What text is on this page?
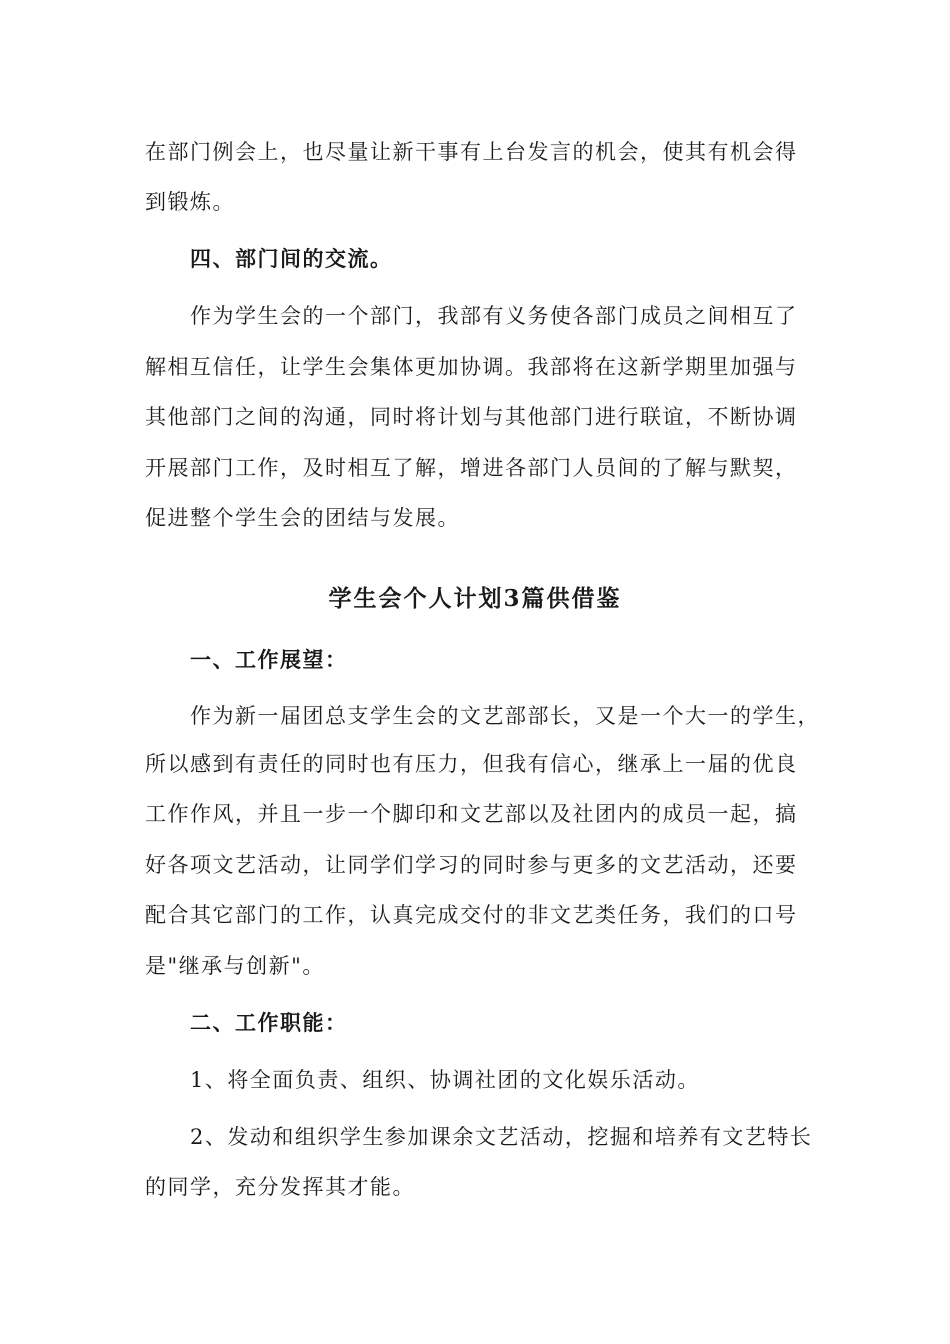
在部门例会上，也尽量让新干事有上台发言的机会，使其有机会得
到锻炼。
四、部门间的交流。
作为学生会的一个部门，我部有义务使各部门成员之间相互了
解相互信任，让学生会集体更加协调。我部将在这新学期里加强与
其他部门之间的沟通，同时将计划与其他部门进行联谊，不断协调
开展部门工作，及时相互了解，增进各部门人员间的了解与默契，
促进整个学生会的团结与发展。
学生会个人计划3篇供借鉴
一、工作展望：
作为新一届团总支学生会的文艺部部长，又是一个大一的学生，
所以感到有责任的同时也有压力，但我有信心，继承上一届的优良
工作作风，并且一步一个脚印和文艺部以及社团内的成员一起，搞
好各项文艺活动，让同学们学习的同时参与更多的文艺活动，还要
配合其它部门的工作，认真完成交付的非文艺类任务，我们的口号
是"继承与创新"。
二、工作职能：
1、将全面负责、组织、协调社团的文化娱乐活动。
2、发动和组织学生参加课余文艺活动，挖掘和培养有文艺特长
的同学，充分发挥其才能。
